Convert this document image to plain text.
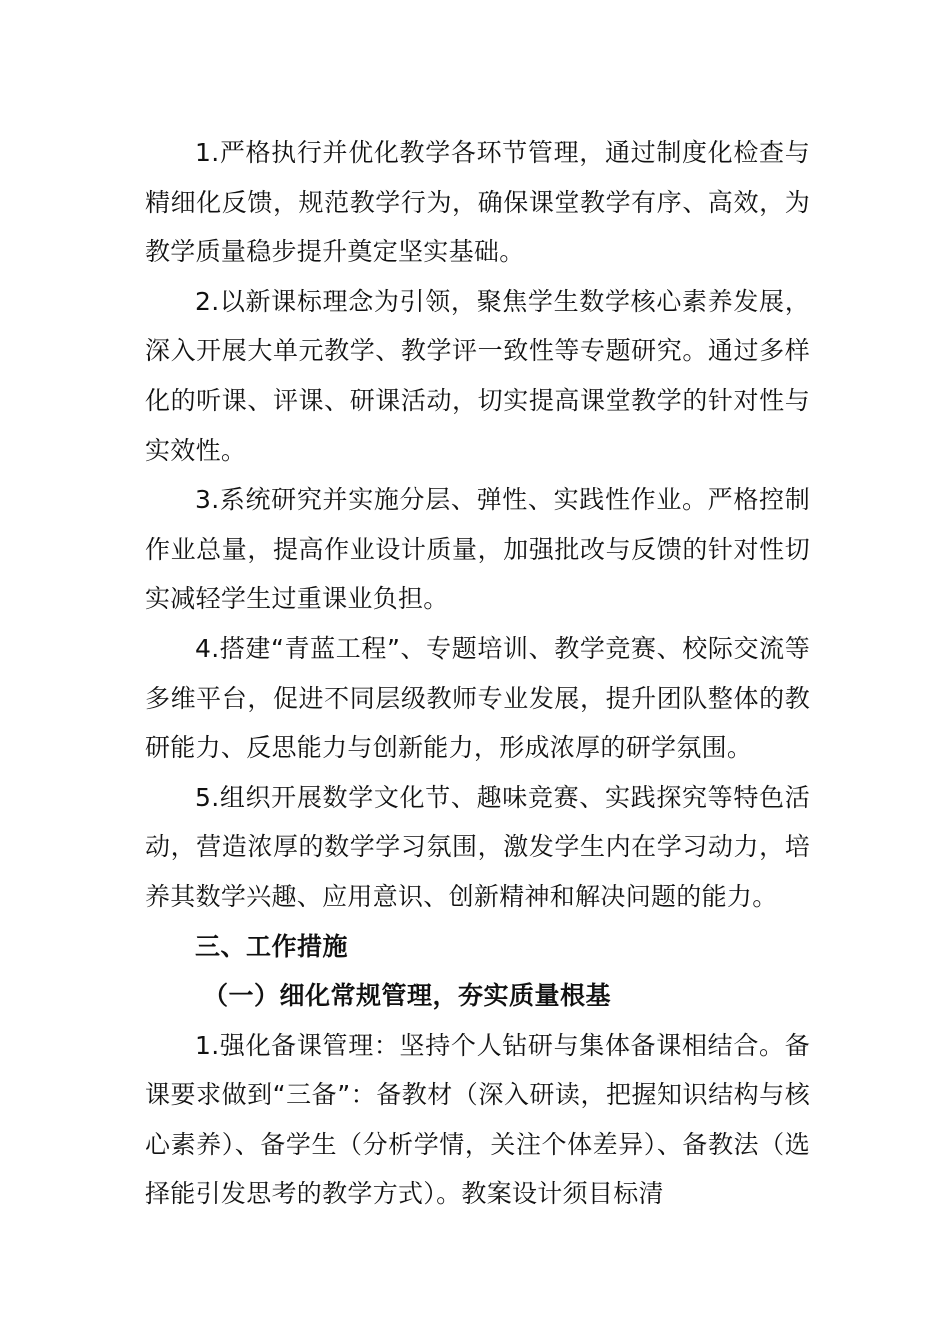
1.严格执行并优化教学各环节管理，通过制度化检查与精细化反馈，规范教学行为，确保课堂教学有序、高效，为教学质量稳步提升奠定坚实基础。

2.以新课标理念为引领，聚焦学生数学核心素养发展，深入开展大单元教学、教学评一致性等专题研究。通过多样化的听课、评课、研课活动，切实提高课堂教学的针对性与实效性。

3.系统研究并实施分层、弹性、实践性作业。严格控制作业总量，提高作业设计质量，加强批改与反馈的针对性切实减轻学生过重课业负担。

4.搭建“青蓝工程”、专题培训、教学竞赛、校际交流等多维平台，促进不同层级教师专业发展，提升团队整体的教研能力、反思能力与创新能力，形成浓厚的研学氛围。

5.组织开展数学文化节、趣味竞赛、实践探究等特色活动，营造浓厚的数学学习氛围，激发学生内在学习动力，培养其数学兴趣、应用意识、创新精神和解决问题的能力。

三、工作措施

（一）细化常规管理，夯实质量根基

1.强化备课管理：坚持个人钻研与集体备课相结合。备课要求做到“三备”：备教材（深入研读，把握知识结构与核心素养）、备学生（分析学情，关注个体差异）、备教法（选择能引发思考的教学方式）。教案设计须目标清
